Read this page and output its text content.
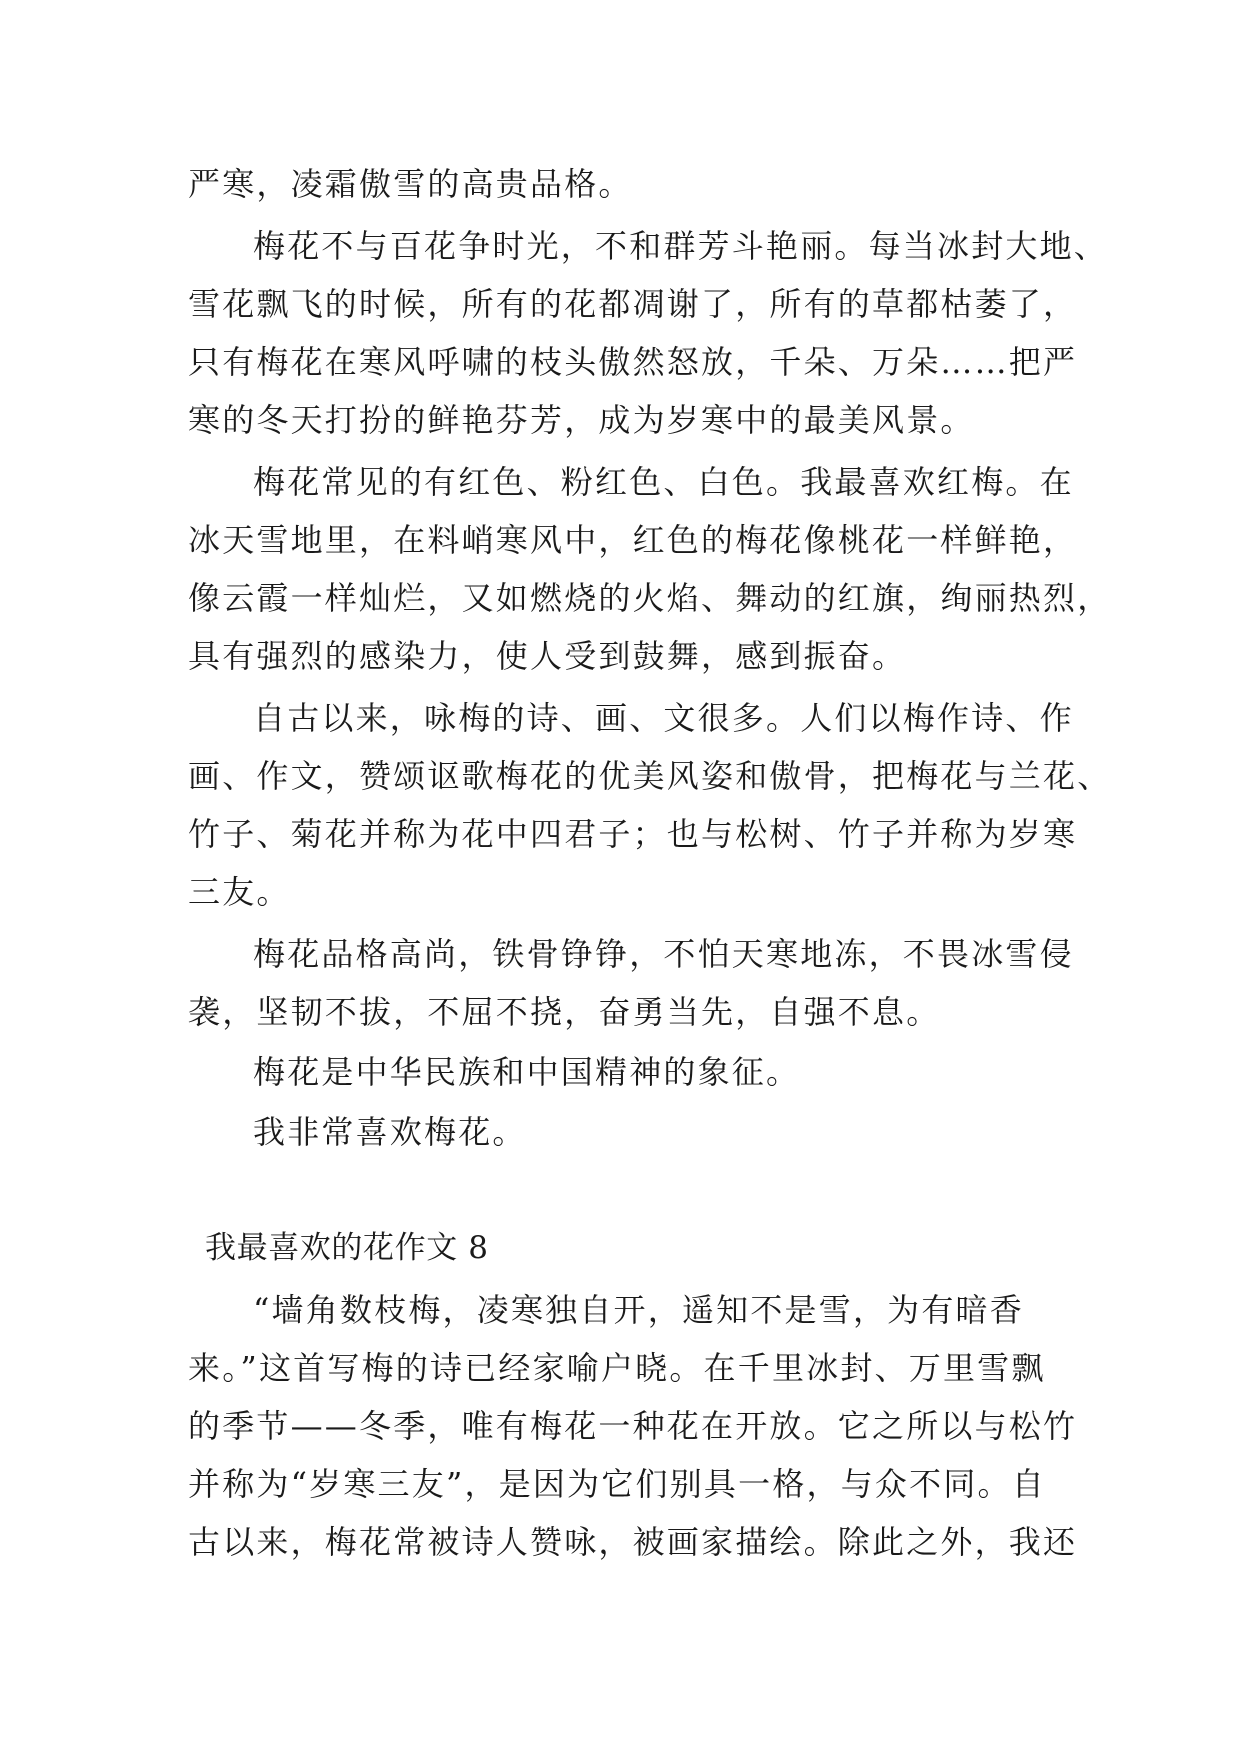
严寒，凌霜傲雪的高贵品格。

梅花不与百花争时光，不和群芳斗艳丽。每当冰封大地、

雪花飘飞的时候，所有的花都凋谢了，所有的草都枯萎了，

只有梅花在寒风呼啸的枝头傲然怒放，千朵、万朵……把严

寒的冬天打扮的鲜艳芬芳，成为岁寒中的最美风景。

梅花常见的有红色、粉红色、白色。我最喜欢红梅。在

冰天雪地里，在料峭寒风中，红色的梅花像桃花一样鲜艳，

像云霞一样灿烂，又如燃烧的火焰、舞动的红旗，绚丽热烈，

具有强烈的感染力，使人受到鼓舞，感到振奋。

自古以来，咏梅的诗、画、文很多。人们以梅作诗、作

画、作文，赞颂讴歌梅花的优美风姿和傲骨，把梅花与兰花、

竹子、菊花并称为花中四君子；也与松树、竹子并称为岁寒

三友。

梅花品格高尚，铁骨铮铮，不怕天寒地冻，不畏冰雪侵

袭，坚韧不拔，不屈不挠，奋勇当先，自强不息。

梅花是中华民族和中国精神的象征。

我非常喜欢梅花。

我最喜欢的花作文 8

“墙角数枝梅，凌寒独自开，遥知不是雪，为有暗香

来。”这首写梅的诗已经家喻户晓。在千里冰封、万里雪飘

的季节——冬季，唯有梅花一种花在开放。它之所以与松竹

并称为“岁寒三友”，是因为它们别具一格，与众不同。自

古以来，梅花常被诗人赞咏，被画家描绘。除此之外，我还
